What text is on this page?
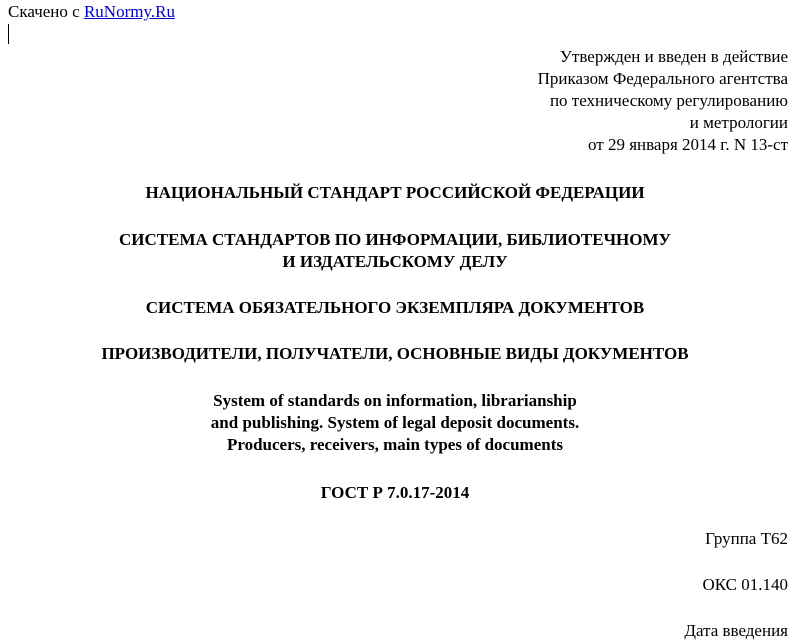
Скачено с RuNormy.Ru
Утвержден и введен в действие
Приказом Федерального агентства
по техническому регулированию
и метрологии
от 29 января 2014 г. N 13-ст
НАЦИОНАЛЬНЫЙ СТАНДАРТ РОССИЙСКОЙ ФЕДЕРАЦИИ
СИСТЕМА СТАНДАРТОВ ПО ИНФОРМАЦИИ, БИБЛИОТЕЧНОМУ
И ИЗДАТЕЛЬСКОМУ ДЕЛУ
СИСТЕМА ОБЯЗАТЕЛЬНОГО ЭКЗЕМПЛЯРА ДОКУМЕНТОВ
ПРОИЗВОДИТЕЛИ, ПОЛУЧАТЕЛИ, ОСНОВНЫЕ ВИДЫ ДОКУМЕНТОВ
System of standards on information, librarianship
and publishing. System of legal deposit documents.
Producers, receivers, main types of documents
ГОСТ Р 7.0.17-2014
Группа Т62
ОКС 01.140
Дата введения
